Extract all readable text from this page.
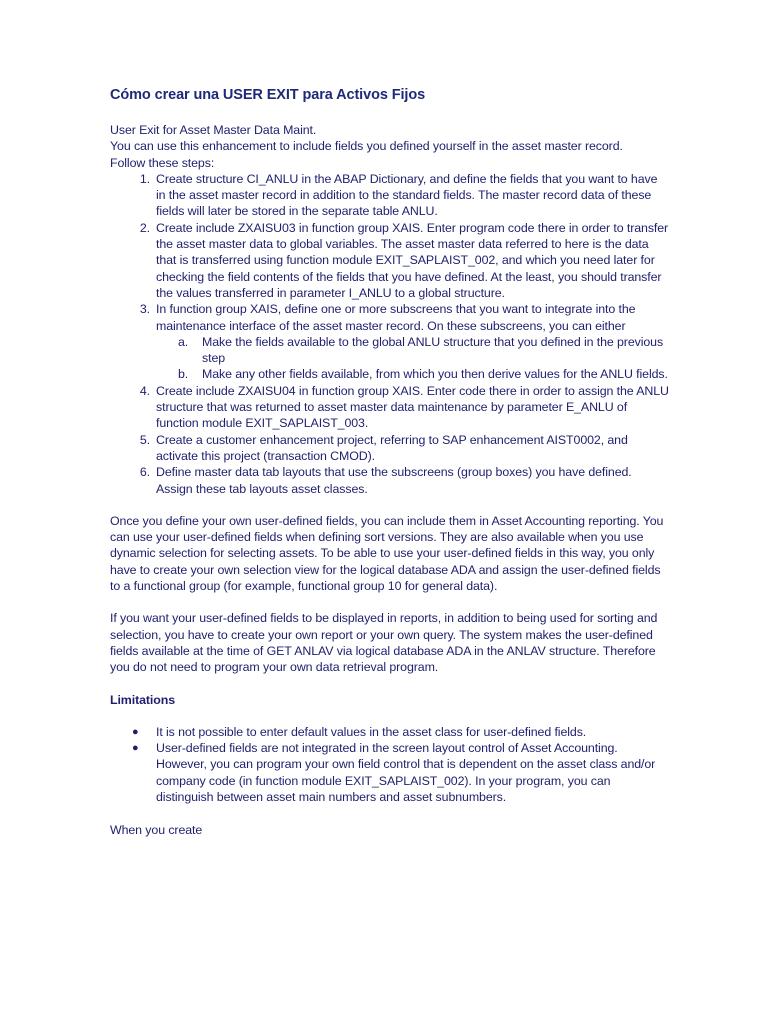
Cómo crear una USER EXIT para Activos Fijos

User Exit for Asset Master Data Maint.

You can use this enhancement to include fields you defined yourself in the asset master record.

Follow these steps:

1. Create structure CI_ANLU in the ABAP Dictionary, and define the fields that you want to have in the asset master record in addition to the standard fields. The master record data of these fields will later be stored in the separate table ANLU.
2. Create include ZXAISU03 in function group XAIS. Enter program code there in order to transfer the asset master data to global variables. The asset master data referred to here is the data that is transferred using function module EXIT_SAPLAIST_002, and which you need later for checking the field contents of the fields that you have defined. At the least, you should transfer the values transferred in parameter I_ANLU to a global structure.
3. In function group XAIS, define one or more subscreens that you want to integrate into the maintenance interface of the asset master record. On these subscreens, you can either
a. Make the fields available to the global ANLU structure that you defined in the previous step
b. Make any other fields available, from which you then derive values for the ANLU fields.
4. Create include ZXAISU04 in function group XAIS. Enter code there in order to assign the ANLU structure that was returned to asset master data maintenance by parameter E_ANLU of function module EXIT_SAPLAIST_003.
5. Create a customer enhancement project, referring to SAP enhancement AIST0002, and activate this project (transaction CMOD).
6. Define master data tab layouts that use the subscreens (group boxes) you have defined. Assign these tab layouts asset classes.

Once you define your own user-defined fields, you can include them in Asset Accounting reporting. You can use your user-defined fields when defining sort versions. They are also available when you use dynamic selection for selecting assets. To be able to use your user-defined fields in this way, you only have to create your own selection view for the logical database ADA and assign the user-defined fields to a functional group (for example, functional group 10 for general data).

If you want your user-defined fields to be displayed in reports, in addition to being used for sorting and selection, you have to create your own report or your own query. The system makes the user-defined fields available at the time of GET ANLAV via logical database ADA in the ANLAV structure. Therefore you do not need to program your own data retrieval program.

Limitations

● It is not possible to enter default values in the asset class for user-defined fields.
● User-defined fields are not integrated in the screen layout control of Asset Accounting. However, you can program your own field control that is dependent on the asset class and/or company code (in function module EXIT_SAPLAIST_002). In your program, you can distinguish between asset main numbers and asset subnumbers.

When you create
